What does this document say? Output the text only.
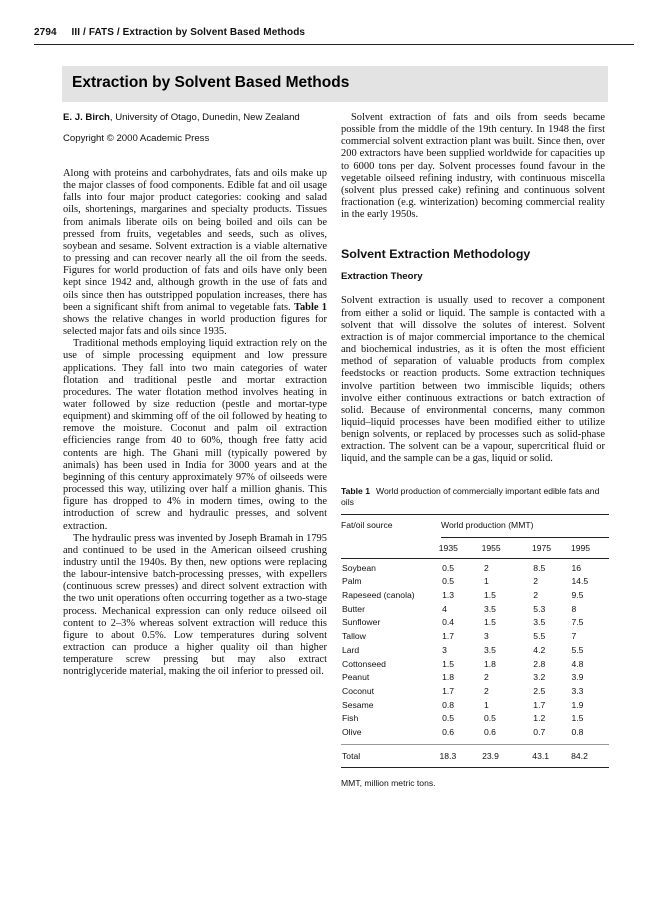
2794 III / FATS / Extraction by Solvent Based Methods
Extraction by Solvent Based Methods

E. J. Birch, University of Otago, Dunedin, New Zealand

Copyright © 2000 Academic Press

Along with proteins and carbohydrates, fats and oils make up the major classes of food components. Edible fat and oil usage falls into four major product categories: cooking and salad oils, shortenings, margarines and specialty products. Tissues from animals liberate oils on being boiled and oils can be pressed from fruits, vegetables and seeds, such as olives, soybean and sesame. Solvent extraction is a viable alternative to pressing and can recover nearly all the oil from the seeds. Figures for world production of fats and oils have only been kept since 1942 and, although growth in the use of fats and oils since then has outstripped population increases, there has been a significant shift from animal to vegetable fats. Table 1 shows the relative changes in world production figures for selected major fats and oils since 1935.

Traditional methods employing liquid extraction rely on the use of simple processing equipment and low pressure applications. They fall into two main categories of water flotation and traditional pestle and mortar extraction procedures. The water flotation method involves heating in water followed by size reduction (pestle and mortar-type equipment) and skimming off of the oil followed by heating to remove the moisture. Coconut and palm oil extraction efficiencies range from 40 to 60%, though free fatty acid contents are high. The Ghani mill (typically powered by animals) has been used in India for 3000 years and at the beginning of this century approximately 97% of oilseeds were processed this way, utilizing over half a million ghanis. This figure has dropped to 4% in modern times, owing to the introduction of screw and hydraulic presses, and solvent extraction.

The hydraulic press was invented by Joseph Bramah in 1795 and continued to be used in the American oilseed crushing industry until the 1940s. By then, new options were replacing the labour-intensive batch-processing presses, with expellers (continuous screw presses) and direct solvent extraction with the two unit operations often occurring together as a two-stage process. Mechanical expression can only reduce oilseed oil content to 2–3% whereas solvent extraction will reduce this figure to about 0.5%. Low temperatures during solvent extraction can produce a higher quality oil than higher temperature screw pressing but may also extract nontriglyceride material, making the oil inferior to pressed oil.

Solvent extraction of fats and oils from seeds became possible from the middle of the 19th century. In 1948 the first commercial solvent extraction plant was built. Since then, over 200 extractors have been supplied worldwide for capacities up to 6000 tons per day. Solvent processes found favour in the vegetable oilseed refining industry, with continuous miscella (solvent plus pressed cake) refining and continuous solvent fractionation (e.g. winterization) becoming commercial reality in the early 1950s.

Solvent Extraction Methodology
Extraction Theory

Solvent extraction is usually used to recover a component from either a solid or liquid. The sample is contacted with a solvent that will dissolve the solutes of interest. Solvent extraction is of major commercial importance to the chemical and biochemical industries, as it is often the most efficient method of separation of valuable products from complex feedstocks or reaction products. Some extraction techniques involve partition between two immiscible liquids; others involve either continuous extractions or batch extraction of solid. Because of environmental concerns, many common liquid–liquid processes have been modified either to utilize benign solvents, or replaced by processes such as solid-phase extraction. The solvent can be a vapour, supercritical fluid or liquid, and the sample can be a gas, liquid or solid.

Table 1 World production of commercially important edible fats and oils
Fat/oil source	World production (MMT)
	1935	1955	1975	1995
Soybean	0.5	2	8.5	16
Palm	0.5	1	2	14.5
Rapeseed (canola)	1.3	1.5	2	9.5
Butter	4	3.5	5.3	8
Sunflower	0.4	1.5	3.5	7.5
Tallow	1.7	3	5.5	7
Lard	3	3.5	4.2	5.5
Cottonseed	1.5	1.8	2.8	4.8
Peanut	1.8	2	3.2	3.9
Coconut	1.7	2	2.5	3.3
Sesame	0.8	1	1.7	1.9
Fish	0.5	0.5	1.2	1.5
Olive	0.6	0.6	0.7	0.8
Total	18.3	23.9	43.1	84.2
MMT, million metric tons.
